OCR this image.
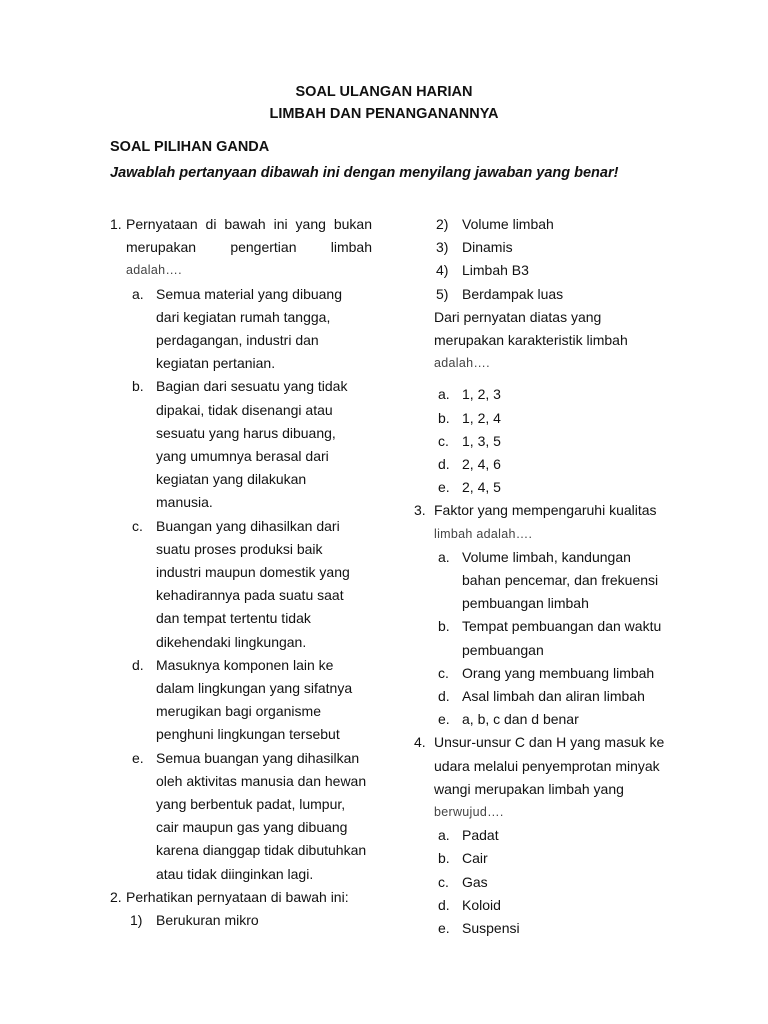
SOAL ULANGAN HARIAN
LIMBAH DAN PENANGANANNYA
SOAL PILIHAN GANDA
Jawablah pertanyaan dibawah ini dengan menyilang jawaban yang benar!
1. Pernyataan di bawah ini yang bukan
merupakan pengertian limbah
adalah….
a. Semua material yang dibuang
dari kegiatan rumah tangga,
perdagangan, industri dan
kegiatan pertanian.
b. Bagian dari sesuatu yang tidak
dipakai, tidak disenangi atau
sesuatu yang harus dibuang,
yang umumnya berasal dari
kegiatan yang dilakukan
manusia.
c. Buangan yang dihasilkan dari
suatu proses produksi baik
industri maupun domestik yang
kehadirannya pada suatu saat
dan tempat tertentu tidak
dikehendaki lingkungan.
d. Masuknya komponen lain ke
dalam lingkungan yang sifatnya
merugikan bagi organisme
penghuni lingkungan tersebut
e. Semua buangan yang dihasilkan
oleh aktivitas manusia dan hewan
yang berbentuk padat, lumpur,
cair maupun gas yang dibuang
karena dianggap tidak dibutuhkan
atau tidak diinginkan lagi.
2. Perhatikan pernyataan di bawah ini:
1) Berukuran mikro
2) Volume limbah
3) Dinamis
4) Limbah B3
5) Berdampak luas
Dari pernyatan diatas yang
merupakan karakteristik limbah
adalah….
a. 1, 2, 3
b. 1, 2, 4
c. 1, 3, 5
d. 2, 4, 6
e. 2, 4, 5
3. Faktor yang mempengaruhi kualitas
limbah adalah….
a. Volume limbah, kandungan
bahan pencemar, dan frekuensi
pembuangan limbah
b. Tempat pembuangan dan waktu
pembuangan
c. Orang yang membuang limbah
d. Asal limbah dan aliran limbah
e. a, b, c dan d benar
4. Unsur-unsur C dan H yang masuk ke
udara melalui penyemprotan minyak
wangi merupakan limbah yang
berwujud….
a. Padat
b. Cair
c. Gas
d. Koloid
e. Suspensi
